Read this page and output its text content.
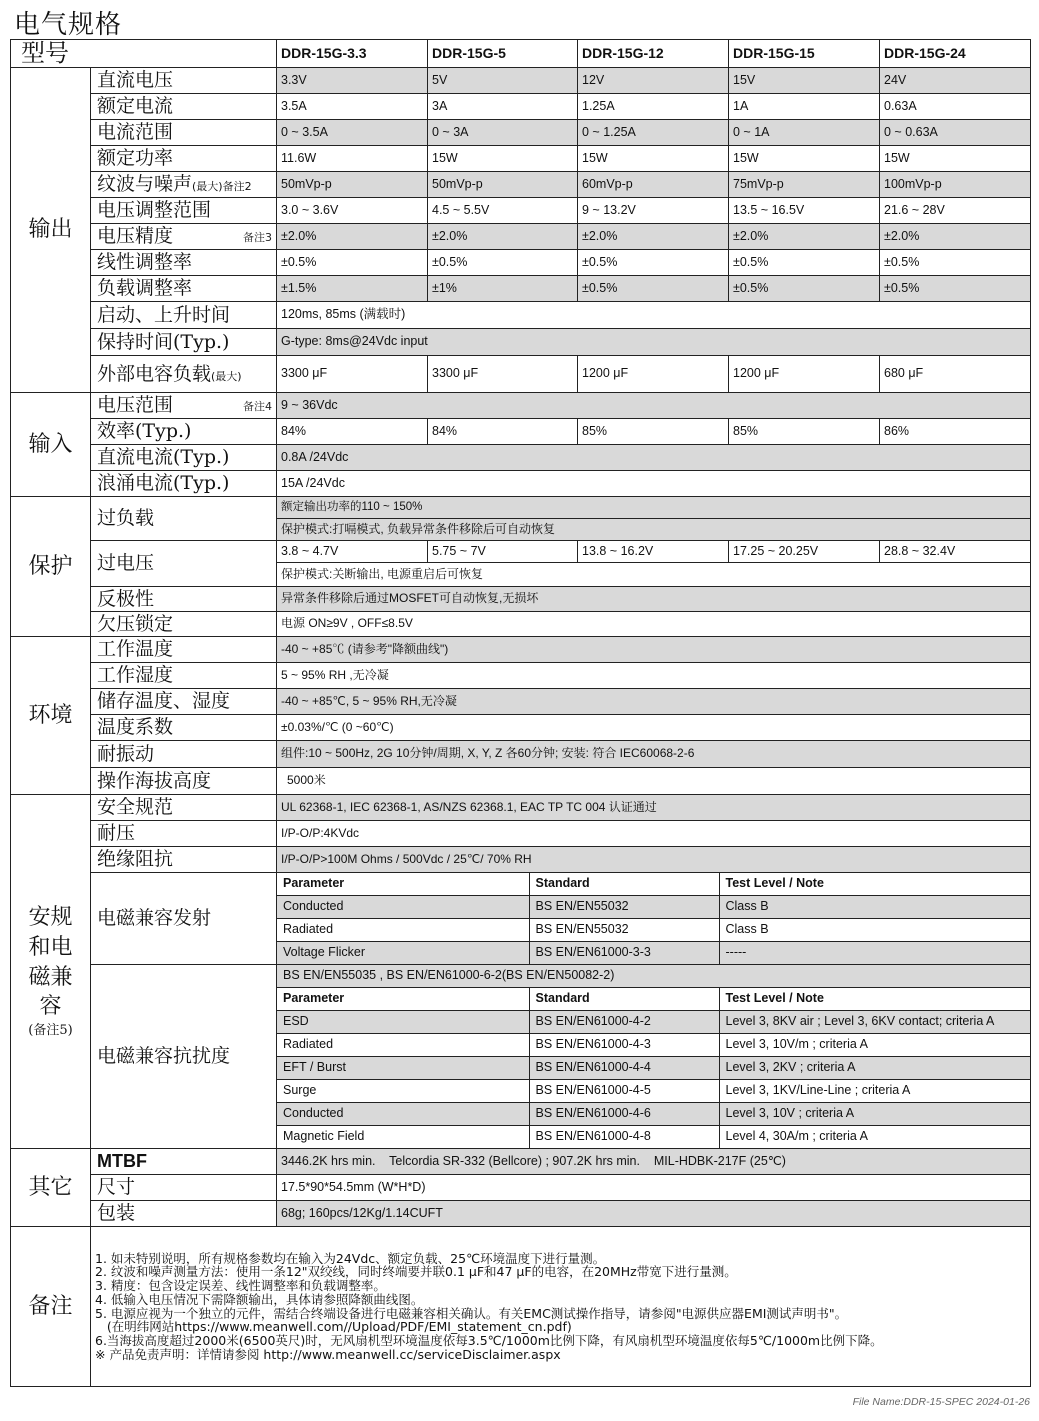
电气规格
型号	DDR-15G-3.3	DDR-15G-5	DDR-15G-12	DDR-15G-15	DDR-15G-24
输出	直流电压	3.3V	5V	12V	15V	24V
额定电流	3.5A	3A	1.25A	1A	0.63A
电流范围	0 ~ 3.5A	0 ~ 3A	0 ~ 1.25A	0 ~ 1A	0 ~ 0.63A
额定功率	11.6W	15W	15W	15W	15W
纹波与噪声(最大)备注2	50mVp-p	50mVp-p	60mVp-p	75mVp-p	100mVp-p
电压调整范围	3.0 ~ 3.6V	4.5 ~ 5.5V	9 ~ 13.2V	13.5 ~ 16.5V	21.6 ~ 28V
电压精度	备注3	±2.0%	±2.0%	±2.0%	±2.0%	±2.0%
线性调整率	±0.5%	±0.5%	±0.5%	±0.5%	±0.5%
负载调整率	±1.5%	±1%	±0.5%	±0.5%	±0.5%
启动、上升时间	120ms, 85ms (满载时)
保持时间(Typ.)	G-type: 8ms@24Vdc input
外部电容负载(最大)	3300 μF	3300 μF	1200 μF	1200 μF	680 μF
输入	电压范围	备注4	9 ~ 36Vdc
效率(Typ.)	84%	84%	85%	85%	86%
直流电流(Typ.)	0.8A /24Vdc
浪涌电流(Typ.)	15A /24Vdc
保护	过负载	额定输出功率的110 ~ 150%
保护模式:打嗝模式, 负载异常条件移除后可自动恢复
过电压	3.8 ~ 4.7V	5.75 ~ 7V	13.8 ~ 16.2V	17.25 ~ 20.25V	28.8 ~ 32.4V
保护模式:关断输出, 电源重启后可恢复
反极性	异常条件移除后通过MOSFET可自动恢复,无损坏
欠压锁定	电源 ON≥9V , OFF≤8.5V
环境	工作温度	-40 ~ +85℃ (请参考"降额曲线")
工作湿度	5 ~ 95% RH ,无冷凝
储存温度、湿度	-40 ~ +85℃, 5 ~ 95% RH,无冷凝
温度系数	±0.03%/℃ (0 ~60℃)
耐振动	组件:10 ~ 500Hz, 2G 10分钟/周期, X, Y, Z 各60分钟; 安装: 符合 IEC60068-2-6
操作海拔高度	5000米

安规
和电
磁兼
容
(备注5)
	安全规范	UL 62368-1, IEC 62368-1, AS/NZS 62368.1, EAC TP TC 004 认证通过
耐压	I/P-O/P:4KVdc
绝缘阻抗	I/P-O/P>100M Ohms / 500Vdc / 25℃/ 70% RH
电磁兼容发射	
Parameter	Standard	Test Level / Note
Conducted	BS EN/EN55032	Class B
Radiated	BS EN/EN55032	Class B
Voltage Flicker	BS EN/EN61000-3-3	-----

电磁兼容抗扰度	
BS EN/EN55035 , BS EN/EN61000-6-2(BS EN/EN50082-2)
Parameter	Standard	Test Level / Note
ESD	BS EN/EN61000-4-2	Level 3, 8KV air ; Level 3, 6KV contact; criteria A
Radiated	BS EN/EN61000-4-3	Level 3, 10V/m ; criteria A
EFT / Burst	BS EN/EN61000-4-4	Level 3, 2KV ; criteria A
Surge	BS EN/EN61000-4-5	Level 3, 1KV/Line-Line ; criteria A
Conducted	BS EN/EN61000-4-6	Level 3, 10V ; criteria A
Magnetic Field	BS EN/EN61000-4-8	Level 4, 30A/m ; criteria A

其它	MTBF	3446.2K hrs min.    Telcordia SR-332 (Bellcore) ; 907.2K hrs min.    MIL-HDBK-217F (25℃)
尺寸	17.5*90*54.5mm (W*H*D)
包装	68g; 160pcs/12Kg/1.14CUFT
备注	
1. 如未特别说明，所有规格参数均在输入为24Vdc、额定负载、25℃环境温度下进行量测。
2. 纹波和噪声测量方法：使用一条12"双绞线，同时终端要并联0.1 μF和47 μF的电容，在20MHz带宽下进行量测。
3. 精度：包含设定误差、线性调整率和负载调整率。
4. 低输入电压情况下需降额输出，具体请参照降额曲线图。
5. 电源应视为一个独立的元件，需结合终端设备进行电磁兼容相关确认。有关EMC测试操作指导，请参阅"电源供应器EMI测试声明书"。
(在明纬网站https://www.meanwell.com//Upload/PDF/EMI_statement_cn.pdf)
6.当海拔高度超过2000米(6500英尺)时，无风扇机型环境温度依每3.5℃/1000m比例下降，有风扇机型环境温度依每5℃/1000m比例下降。
※ 产品免责声明：详情请参阅 http://www.meanwell.cc/serviceDisclaimer.aspx
File Name:DDR-15-SPEC 2024-01-26
